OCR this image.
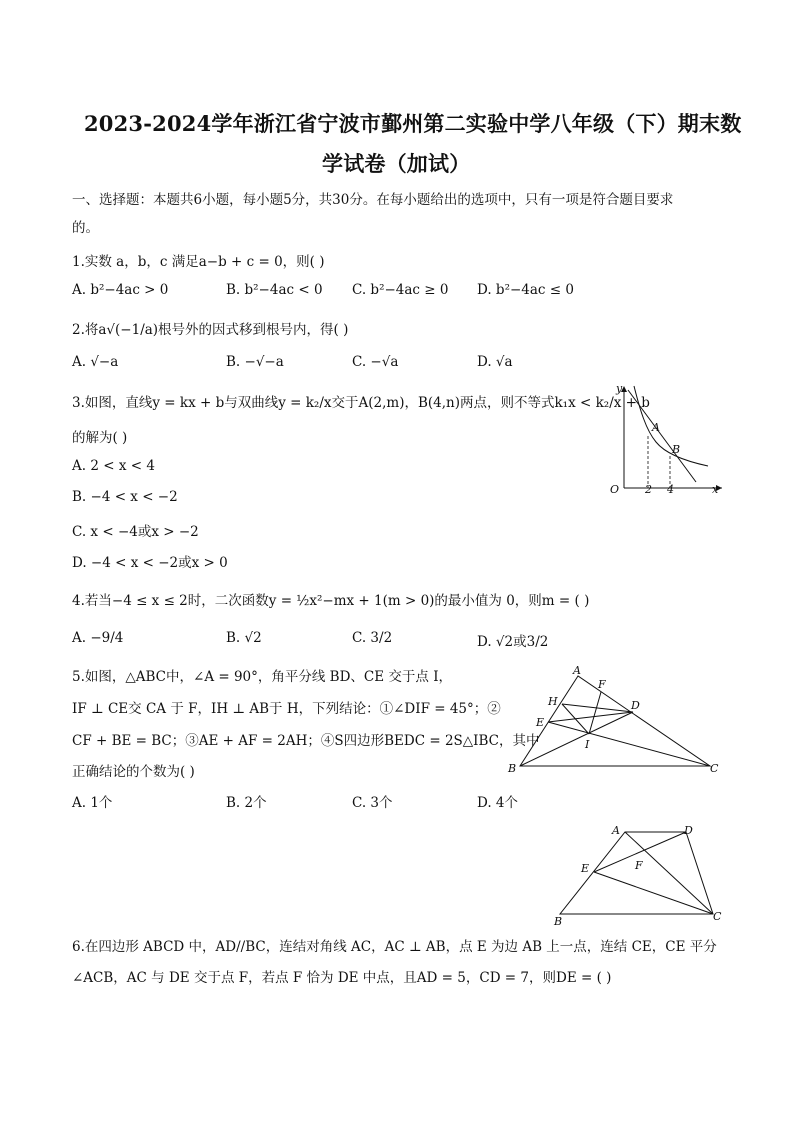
2023-2024学年浙江省宁波市鄞州第二实验中学八年级（下）期末数
学试卷（加试）
一、选择题：本题共6小题，每小题5分，共30分。在每小题给出的选项中，只有一项是符合题目要求
的。
1.实数 a，b，c 满足a−b + c = 0，则( )
A. b²−4ac > 0	B. b²−4ac < 0 C. b²−4ac ≥ 0 D. b²−4ac ≤ 0
2.将a√(−1/a)根号外的因式移到根号内，得( )
A. √−a	B. −√−a	C. −√a	D. √a
3.如图，直线y = kx + b与双曲线y = k₂/x交于A(2,m)，B(4,n)两点，则不等式k₁x < k₂/x + b
的解为( )
A. 2 < x < 4
B. −4 < x < −2
C. x < −4或x > −2
D. −4 < x < −2或x > 0
y
A
B
O 2 4	x
4.若当−4 ≤ x ≤ 2时，二次函数y = ½x²−mx + 1(m > 0)的最小值为 0，则m = ( )
A. −9/4	B. √2	C. 3/2	D. √2或3/2
5.如图，△ABC中，∠A = 90°，角平分线 BD、CE 交于点 I，
IF ⊥ CE交 CA 于 F，IH ⊥ AB于 H，下列结论：①∠DIF = 45°；②
CF + BE = BC；③AE + AF = 2AH；④S四边形BEDC = 2S△IBC，其中
正确结论的个数为( )
A. 1个	B. 2个	C. 3个	D. 4个
A
F
H	D
E
I
B	C
A	D
E	F
B	C
6.在四边形 ABCD 中，AD//BC，连结对角线 AC，AC ⊥ AB，点 E 为边 AB 上一点，连结 CE，CE 平分
∠ACB，AC 与 DE 交于点 F，若点 F 恰为 DE 中点，且AD = 5，CD = 7，则DE = ( )
